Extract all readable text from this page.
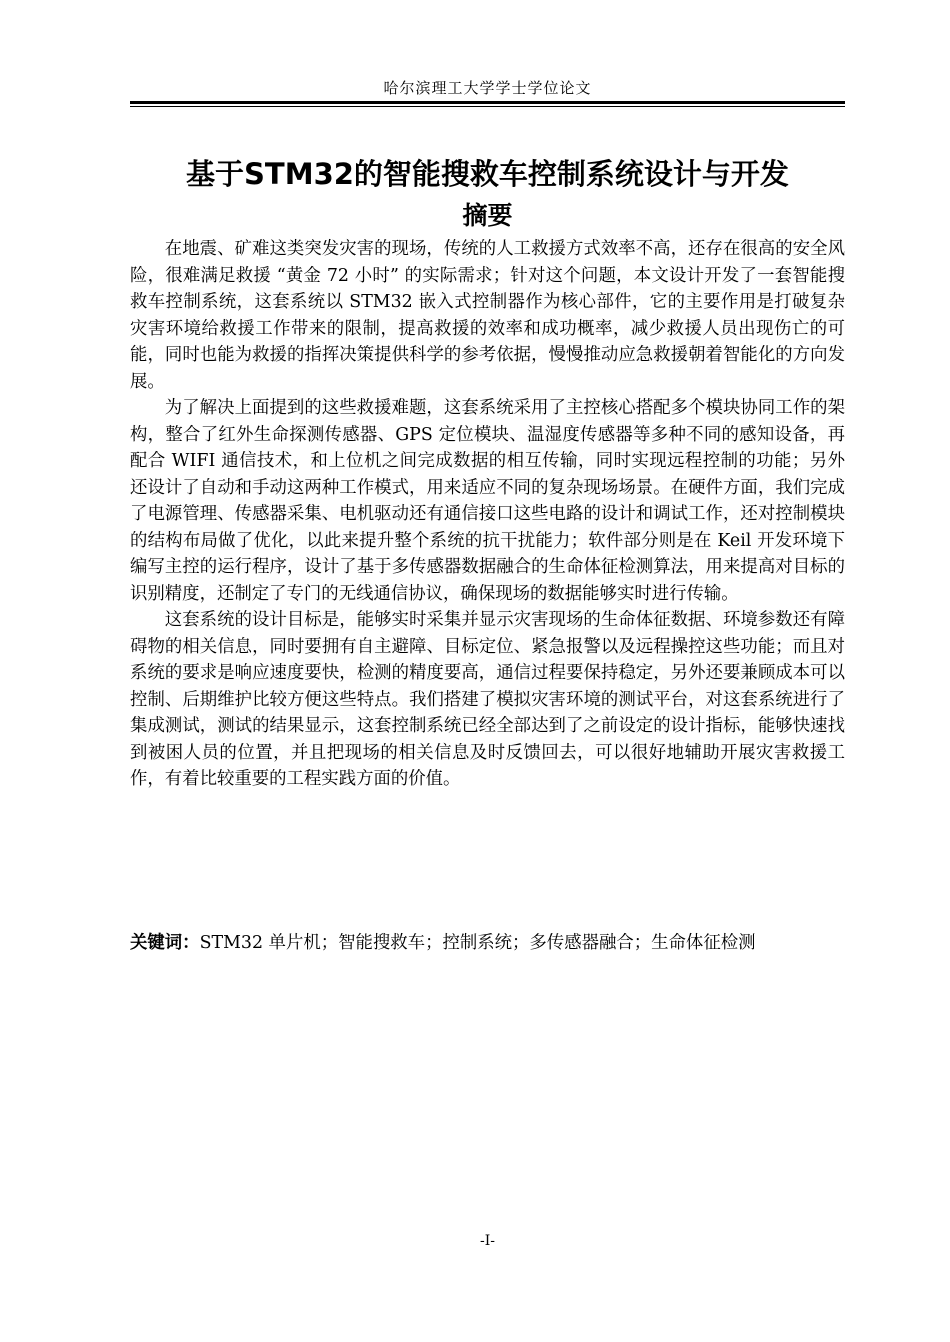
哈尔滨理工大学学士学位论文
基于STM32的智能搜救车控制系统设计与开发
摘要

在地震、矿难这类突发灾害的现场，传统的人工救援方式效率不高，还存在很高的安全风险，很难满足救援 “黄金 72 小时” 的实际需求；针对这个问题，本文设计开发了一套智能搜救车控制系统，这套系统以 STM32 嵌入式控制器作为核心部件，它的主要作用是打破复杂灾害环境给救援工作带来的限制，提高救援的效率和成功概率，减少救援人员出现伤亡的可能，同时也能为救援的指挥决策提供科学的参考依据，慢慢推动应急救援朝着智能化的方向发展。

为了解决上面提到的这些救援难题，这套系统采用了主控核心搭配多个模块协同工作的架构，整合了红外生命探测传感器、GPS 定位模块、温湿度传感器等多种不同的感知设备，再配合 WIFI 通信技术，和上位机之间完成数据的相互传输，同时实现远程控制的功能；另外还设计了自动和手动这两种工作模式，用来适应不同的复杂现场场景。在硬件方面，我们完成了电源管理、传感器采集、电机驱动还有通信接口这些电路的设计和调试工作，还对控制模块的结构布局做了优化，以此来提升整个系统的抗干扰能力；软件部分则是在 Keil 开发环境下编写主控的运行程序，设计了基于多传感器数据融合的生命体征检测算法，用来提高对目标的识别精度，还制定了专门的无线通信协议，确保现场的数据能够实时进行传输。

这套系统的设计目标是，能够实时采集并显示灾害现场的生命体征数据、环境参数还有障碍物的相关信息，同时要拥有自主避障、目标定位、紧急报警以及远程操控这些功能；而且对系统的要求是响应速度要快，检测的精度要高，通信过程要保持稳定，另外还要兼顾成本可以控制、后期维护比较方便这些特点。我们搭建了模拟灾害环境的测试平台，对这套系统进行了集成测试，测试的结果显示，这套控制系统已经全部达到了之前设定的设计指标，能够快速找到被困人员的位置，并且把现场的相关信息及时反馈回去，可以很好地辅助开展灾害救援工作，有着比较重要的工程实践方面的价值。

关键词：STM32 单片机；智能搜救车；控制系统；多传感器融合；生命体征检测

-I-
